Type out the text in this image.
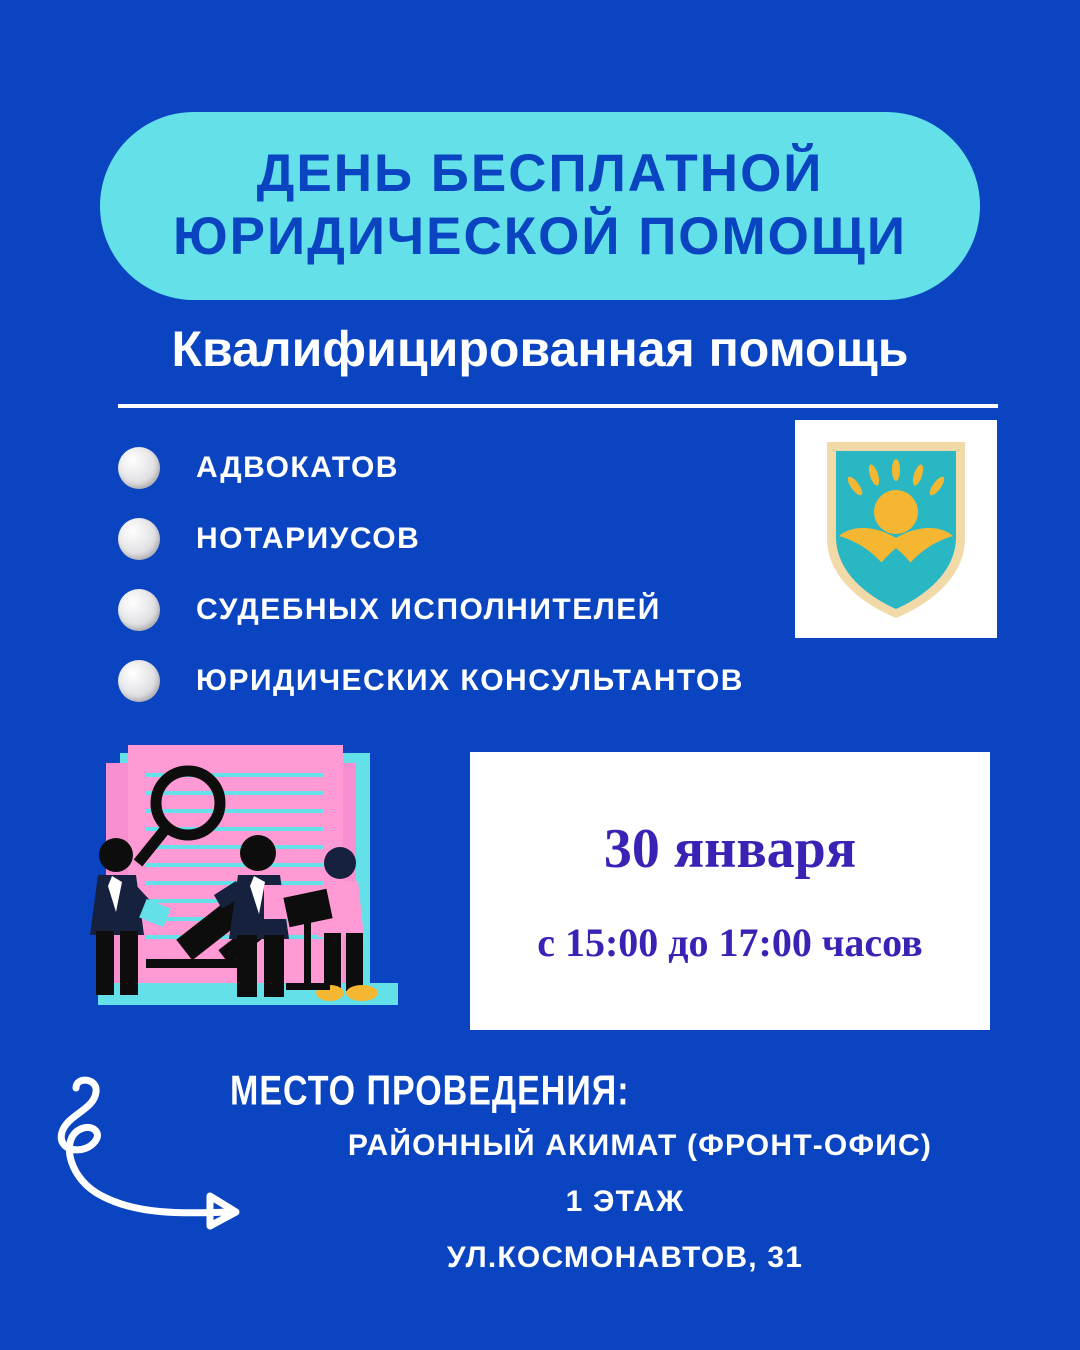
ДЕНЬ БЕСПЛАТНОЙ
ЮРИДИЧЕСКОЙ ПОМОЩИ
Квалифицированная помощь
АДВОКАТОВ
НОТАРИУСОВ
СУДЕБНЫХ ИСПОЛНИТЕЛЕЙ
ЮРИДИЧЕСКИХ КОНСУЛЬТАНТОВ
30 января
с 15:00 до 17:00 часов
МЕСТО ПРОВЕДЕНИЯ:
РАЙОННЫЙ АКИМАТ (ФРОНТ-ОФИС)
1 ЭТАЖ
УЛ.КОСМОНАВТОВ, 31
